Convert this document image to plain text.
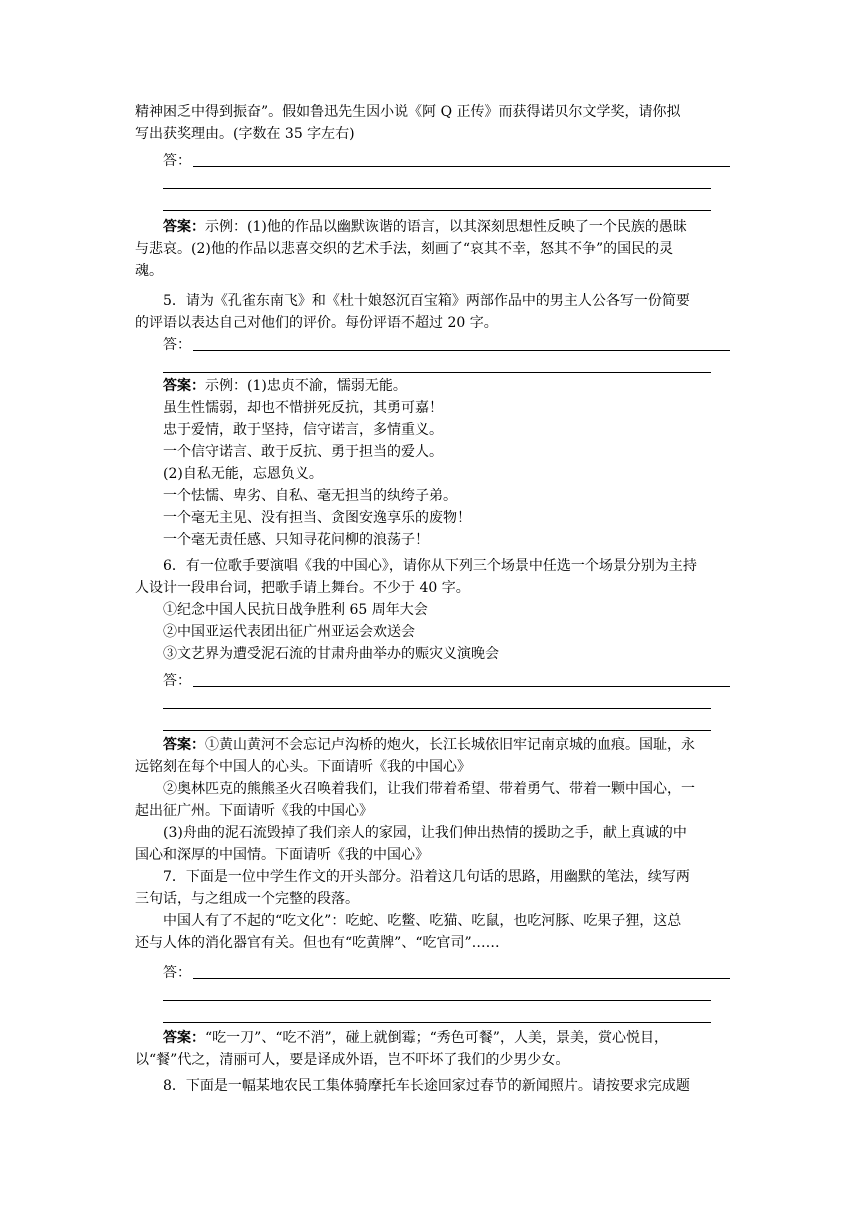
精神困乏中得到振奋”。假如鲁迅先生因小说《阿 Q 正传》而获得诺贝尔文学奖，请你拟
写出获奖理由。(字数在 35 字左右)
答：
答案：示例：(1)他的作品以幽默诙谐的语言，以其深刻思想性反映了一个民族的愚昧
与悲哀。(2)他的作品以悲喜交织的艺术手法，刻画了“哀其不幸，怒其不争”的国民的灵
魂。
5．请为《孔雀东南飞》和《杜十娘怒沉百宝箱》两部作品中的男主人公各写一份简要
的评语以表达自己对他们的评价。每份评语不超过 20 字。
答：
答案：示例：(1)忠贞不渝，懦弱无能。
虽生性懦弱，却也不惜拼死反抗，其勇可嘉！
忠于爱情，敢于坚持，信守诺言，多情重义。
一个信守诺言、敢于反抗、勇于担当的爱人。
(2)自私无能，忘恩负义。
一个怯懦、卑劣、自私、毫无担当的纨绔子弟。
一个毫无主见、没有担当、贪图安逸享乐的废物！
一个毫无责任感、只知寻花问柳的浪荡子！
6．有一位歌手要演唱《我的中国心》，请你从下列三个场景中任选一个场景分别为主持
人设计一段串台词，把歌手请上舞台。不少于 40 字。
①纪念中国人民抗日战争胜利 65 周年大会
②中国亚运代表团出征广州亚运会欢送会
③文艺界为遭受泥石流的甘肃舟曲举办的赈灾义演晚会
答：
答案：①黄山黄河不会忘记卢沟桥的炮火，长江长城依旧牢记南京城的血痕。国耻，永
远铭刻在每个中国人的心头。下面请听《我的中国心》
②奥林匹克的熊熊圣火召唤着我们，让我们带着希望、带着勇气、带着一颗中国心，一
起出征广州。下面请听《我的中国心》
(3)舟曲的泥石流毁掉了我们亲人的家园，让我们伸出热情的援助之手，献上真诚的中
国心和深厚的中国情。下面请听《我的中国心》
7．下面是一位中学生作文的开头部分。沿着这几句话的思路，用幽默的笔法，续写两
三句话，与之组成一个完整的段落。
中国人有了不起的“吃文化”：吃蛇、吃鳖、吃猫、吃鼠，也吃河豚、吃果子狸，这总
还与人体的消化器官有关。但也有“吃黄牌”、“吃官司”……
答：
答案：“吃一刀”、“吃不消”，碰上就倒霉；“秀色可餐”，人美，景美，赏心悦目，
以“餐”代之，清丽可人，要是译成外语，岂不吓坏了我们的少男少女。
8．下面是一幅某地农民工集体骑摩托车长途回家过春节的新闻照片。请按要求完成题
